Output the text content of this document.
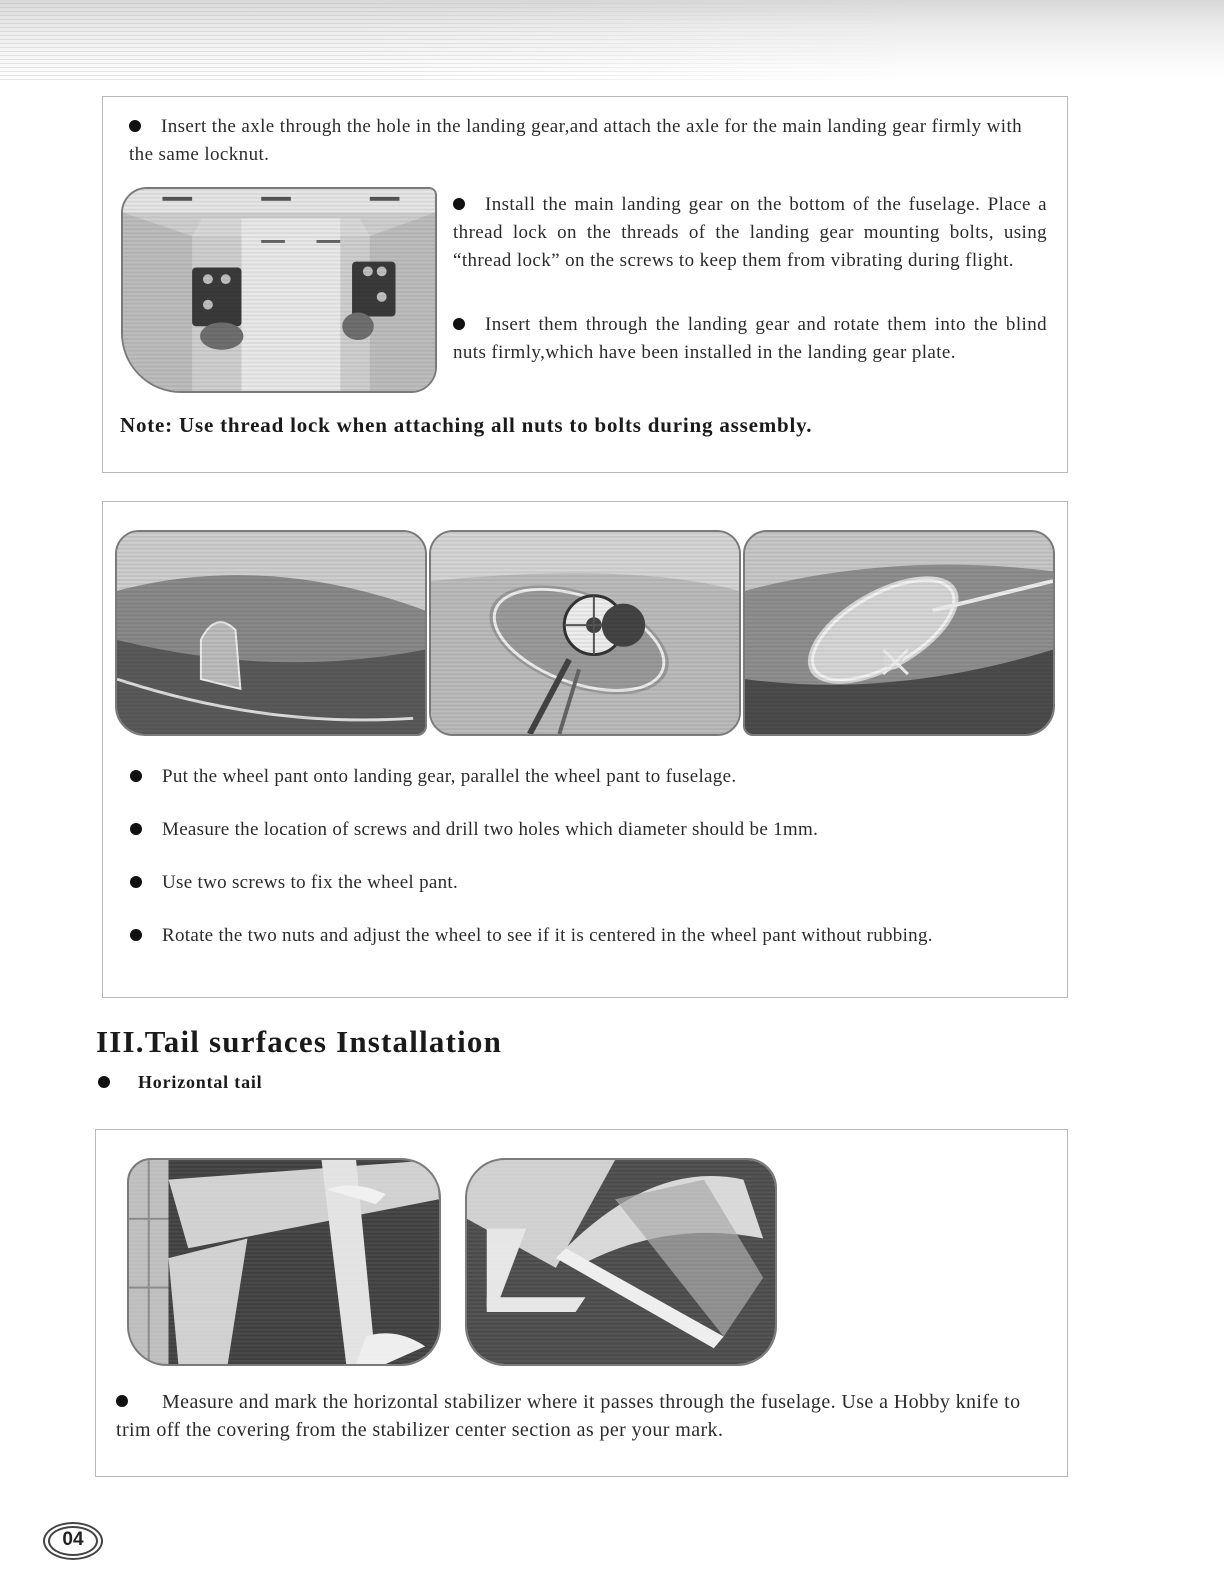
Insert the axle through the hole in the landing gear,and attach the axle for the main landing gear firmly with the same locknut.

Install the main landing gear on the bottom of the fuselage. Place a thread lock on the threads of the landing gear mounting bolts, using “thread lock” on the screws to keep them from vibrating during flight.

Insert them through the landing gear and rotate them into the blind nuts firmly,which have been installed in the landing gear plate.

Note: Use thread lock when attaching all nuts to bolts during assembly.

Put the wheel pant onto landing gear, parallel the wheel pant to fuselage.

Measure the location of screws and drill two holes which diameter should be 1mm.

Use two screws to fix the wheel pant.

Rotate the two nuts and adjust the wheel to see if it is centered in the wheel pant without rubbing.

III.Tail surfaces Installation

Horizontal tail

Measure and mark the horizontal stabilizer where it passes through the fuselage. Use a Hobby knife to trim off the covering from the stabilizer center section as per your mark.

04
